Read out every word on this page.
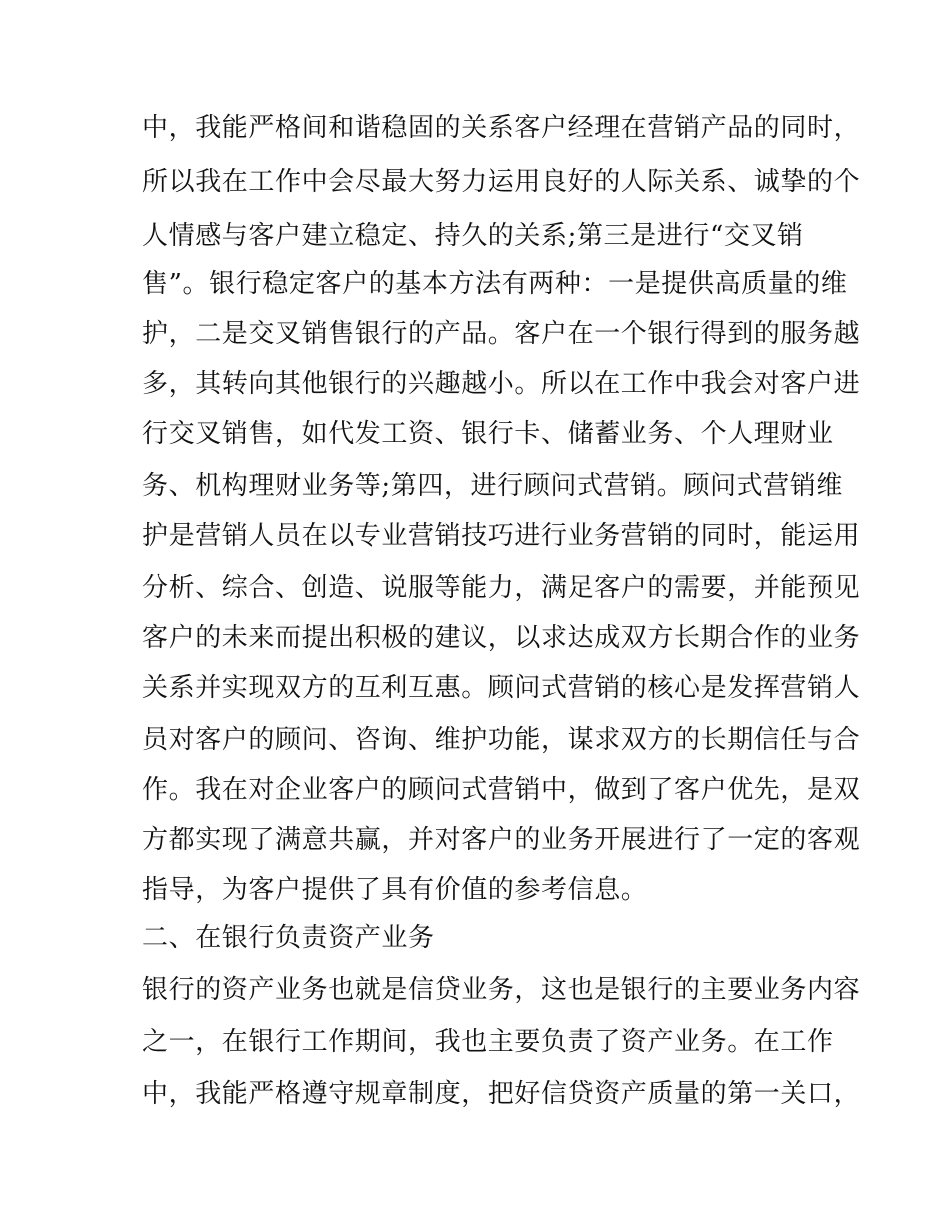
中，我能严格间和谐稳固的关系客户经理在营销产品的同时，
所以我在工作中会尽最大努力运用良好的人际关系、诚挚的个
人情感与客户建立稳定、持久的关系;第三是进行“交叉销
售”。银行稳定客户的基本方法有两种：一是提供高质量的维
护，二是交叉销售银行的产品。客户在一个银行得到的服务越
多，其转向其他银行的兴趣越小。所以在工作中我会对客户进
行交叉销售，如代发工资、银行卡、储蓄业务、个人理财业
务、机构理财业务等;第四，进行顾问式营销。顾问式营销维
护是营销人员在以专业营销技巧进行业务营销的同时，能运用
分析、综合、创造、说服等能力，满足客户的需要，并能预见
客户的未来而提出积极的建议，以求达成双方长期合作的业务
关系并实现双方的互利互惠。顾问式营销的核心是发挥营销人
员对客户的顾问、咨询、维护功能，谋求双方的长期信任与合
作。我在对企业客户的顾问式营销中，做到了客户优先，是双
方都实现了满意共赢，并对客户的业务开展进行了一定的客观
指导，为客户提供了具有价值的参考信息。
二、在银行负责资产业务
银行的资产业务也就是信贷业务，这也是银行的主要业务内容
之一，在银行工作期间，我也主要负责了资产业务。在工作
中，我能严格遵守规章制度，把好信贷资产质量的第一关口，
